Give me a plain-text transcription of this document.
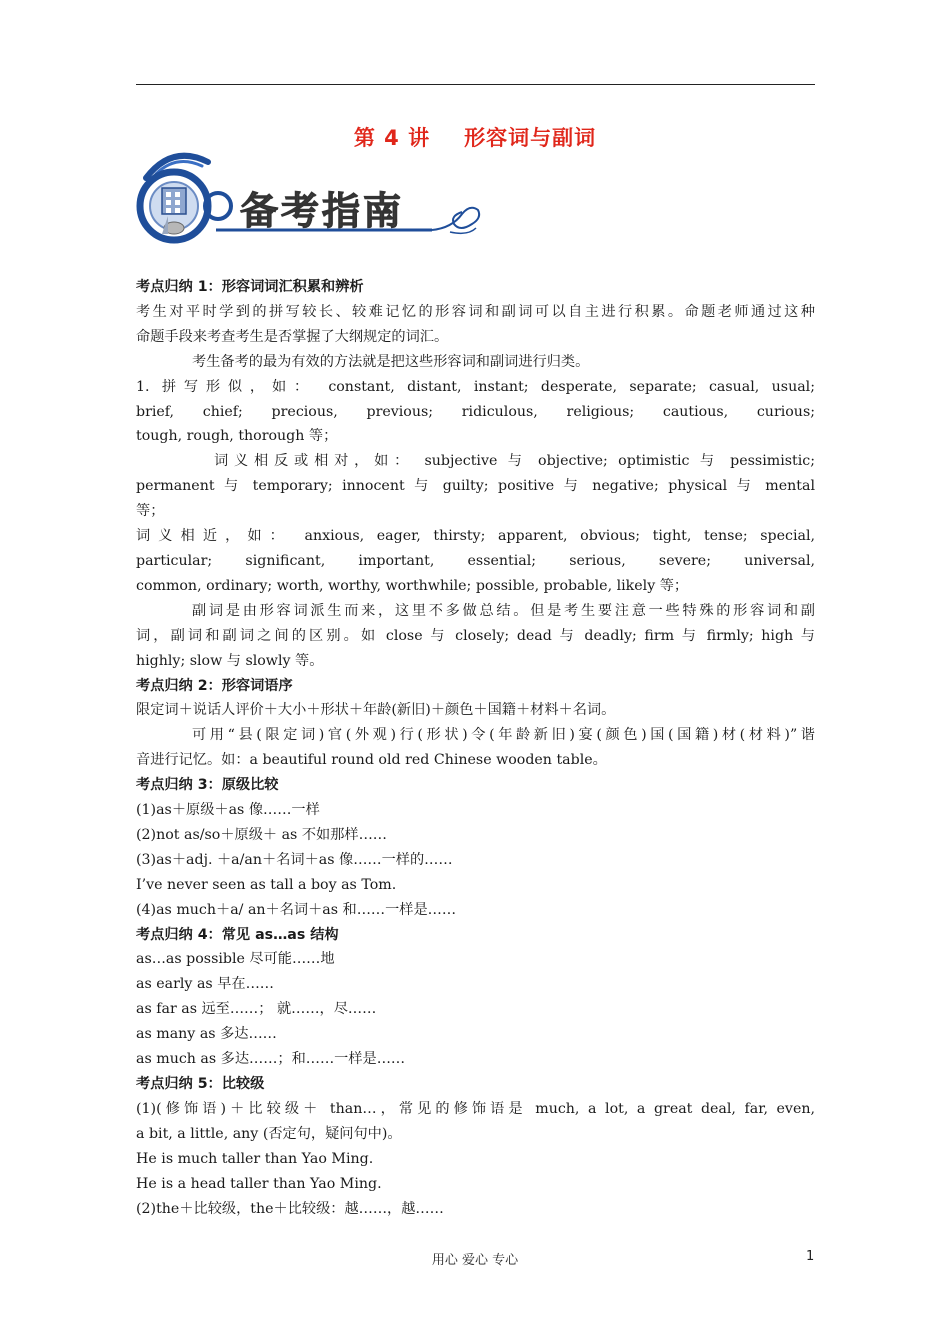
第 4 讲 形容词与副词
备考指南

考点归纳 1：形容词词汇积累和辨析

考生对平时学到的拼写较长、较难记忆的形容词和副词可以自主进行积累。命题老师通过这种

命题手段来考查考生是否掌握了大纲规定的词汇。

考生备考的最为有效的方法就是把这些形容词和副词进行归类。

1. 拼写形似，如： constant, distant, instant; desperate, separate; casual, usual;

brief, chief; precious, previous; ridiculous, religious; cautious, curious;

tough, rough, thorough 等；

词义相反或相对，如： subjective 与 objective; optimistic 与 pessimistic;

permanent 与 temporary; innocent 与 guilty; positive 与 negative; physical 与 mental

等；

词义相近，如： anxious, eager, thirsty; apparent, obvious; tight, tense; special,

particular; significant, important, essential; serious, severe; universal,

common, ordinary; worth, worthy, worthwhile; possible, probable, likely 等；

副词是由形容词派生而来，这里不多做总结。但是考生要注意一些特殊的形容词和副

词，副词和副词之间的区别。如 close 与 closely; dead 与 deadly; firm 与 firmly; high 与

highly; slow 与 slowly 等。

考点归纳 2：形容词语序

限定词＋说话人评价＋大小＋形状＋年龄(新旧)＋颜色＋国籍＋材料＋名词。

可用“县(限定词)官(外观)行(形状)令(年龄新旧)宴(颜色)国(国籍)材(材料)”谐

音进行记忆。如：a beautiful round old red Chinese wooden table。

考点归纳 3：原级比较

(1)as＋原级＋as 像……一样

(2)not as/so＋原级＋ as 不如那样……

(3)as＋adj. ＋a/an＋名词＋as 像……一样的……

I’ve never seen as tall a boy as Tom.

(4)as much＋a/ an＋名词＋as 和……一样是……

考点归纳 4：常见 as…as 结构

as…as possible 尽可能……地

as early as 早在……

as far as 远至……； 就……，尽……

as many as 多达……

as much as 多达……；和……一样是……

考点归纳 5：比较级

(1)(修饰语)＋比较级＋ than…，常见的修饰语是 much, a lot, a great deal, far, even,

a bit, a little, any (否定句，疑问句中)。

He is much taller than Yao Ming.

He is a head taller than Yao Ming.

(2)the＋比较级，the＋比较级：越……，越……

用心 爱心 专心	1
